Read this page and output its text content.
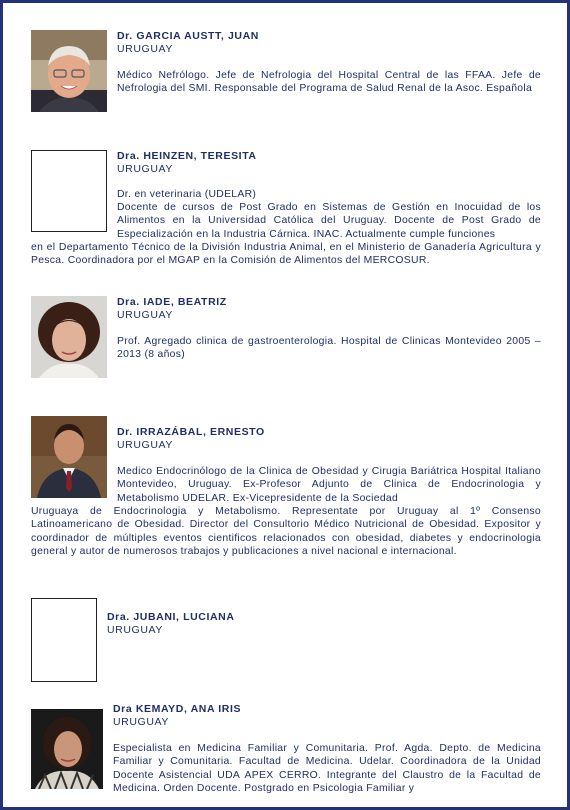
Dr. GARCIA AUSTT, JUAN
URUGUAY
Médico Nefrólogo. Jefe de Nefrologia del Hospital Central de las FFAA. Jefe de Nefrologia del SMI. Responsable del Programa de Salud Renal de la Asoc. Española
Dra. HEINZEN, TERESITA
URUGUAY
Dr. en veterinaria (UDELAR)
Docente de cursos de Post Grado en Sistemas de Gestión en Inocuidad de los Alimentos en la Universidad Católica del Uruguay. Docente de Post Grado de Especialización en la Industria Cárnica. INAC. Actualmente cumple funciones
en el Departamento Técnico de la División Industria Animal, en el Ministerio de Ganadería Agricultura y Pesca. Coordinadora por el MGAP en la Comisión de Alimentos del MERCOSUR.
Dra. IADE, BEATRIZ
URUGUAY
Prof. Agregado clinica de gastroenterologia. Hospital de Clinicas Montevideo 2005 – 2013 (8 años)
Dr. IRRAZÁBAL, ERNESTO
URUGUAY
Medico Endocrinólogo de la Clinica de Obesidad y Cirugia Bariátrica Hospital Italiano Montevideo, Uruguay. Ex-Profesor Adjunto de Clinica de Endocrinologia y Metabolismo UDELAR. Ex-Vicepresidente de la Sociedad
Uruguaya de Endocrinologia y Metabolismo. Representate por Uruguay al 1º Consenso Latinoamericano de Obesidad. Director del Consultorio Médico Nutricional de Obesidad. Expositor y coordinador de múltiples eventos cientificos relacionados con obesidad, diabetes y endocrinologia general y autor de numerosos trabajos y publicaciones a nivel nacional e internacional.
Dra. JUBANI, LUCIANA
URUGUAY
Dra KEMAYD, ANA IRIS
URUGUAY
Especialista en Medicina Familiar y Comunitaria. Prof. Agda. Depto. de Medicina Familiar y Comunitaria. Facultad de Medicina. Udelar. Coordinadora de la Unidad Docente Asistencial UDA APEX CERRO. Integrante del Claustro de la Facultad de Medicina. Orden Docente. Postgrado en Psicologia Familiar y
